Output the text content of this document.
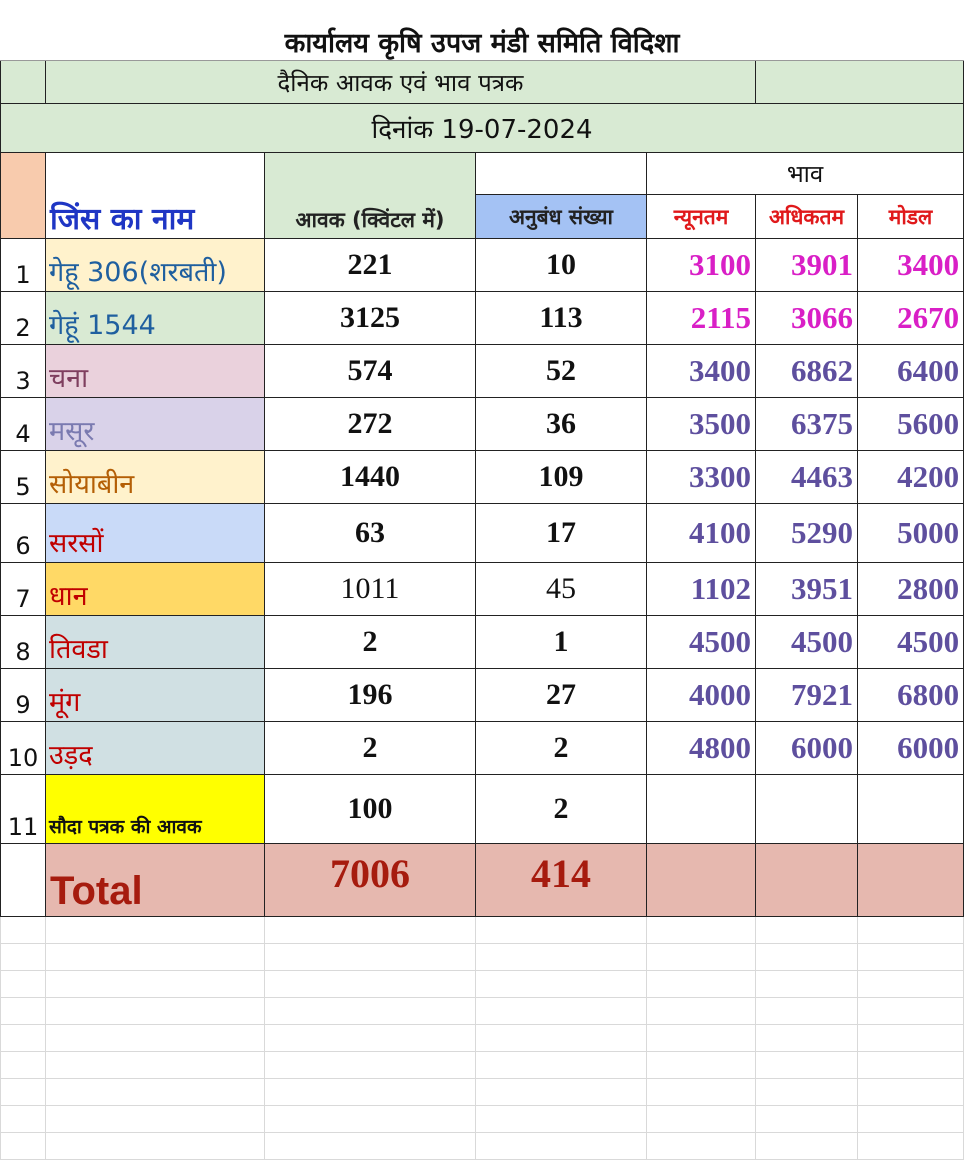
कार्यालय कृषि उपज मंडी समिति विदिशा						
	दैनिक आवक एवं भाव पत्रक					
दिनांक 19-07-2024						
	जिंस का नाम	आवक (क्विंटल में)		भाव		
			अनुबंध संख्या	न्यूनतम	अधिकतम	मोडल
1	गेहू 306(शरबती)	221	10	3100	3901	3400
2	गेहूं 1544	3125	113	2115	3066	2670
3	चना	574	52	3400	6862	6400
4	मसूर	272	36	3500	6375	5600
5	सोयाबीन	1440	109	3300	4463	4200
6	सरसों	63	17	4100	5290	5000
7	धान	1011	45	1102	3951	2800
8	तिवडा	2	1	4500	4500	4500
9	मूंग	196	27	4000	7921	6800
10	उड़द	2	2	4800	6000	6000
11	सौदा पत्रक की आवक	100	2			
	Total	7006	414			
